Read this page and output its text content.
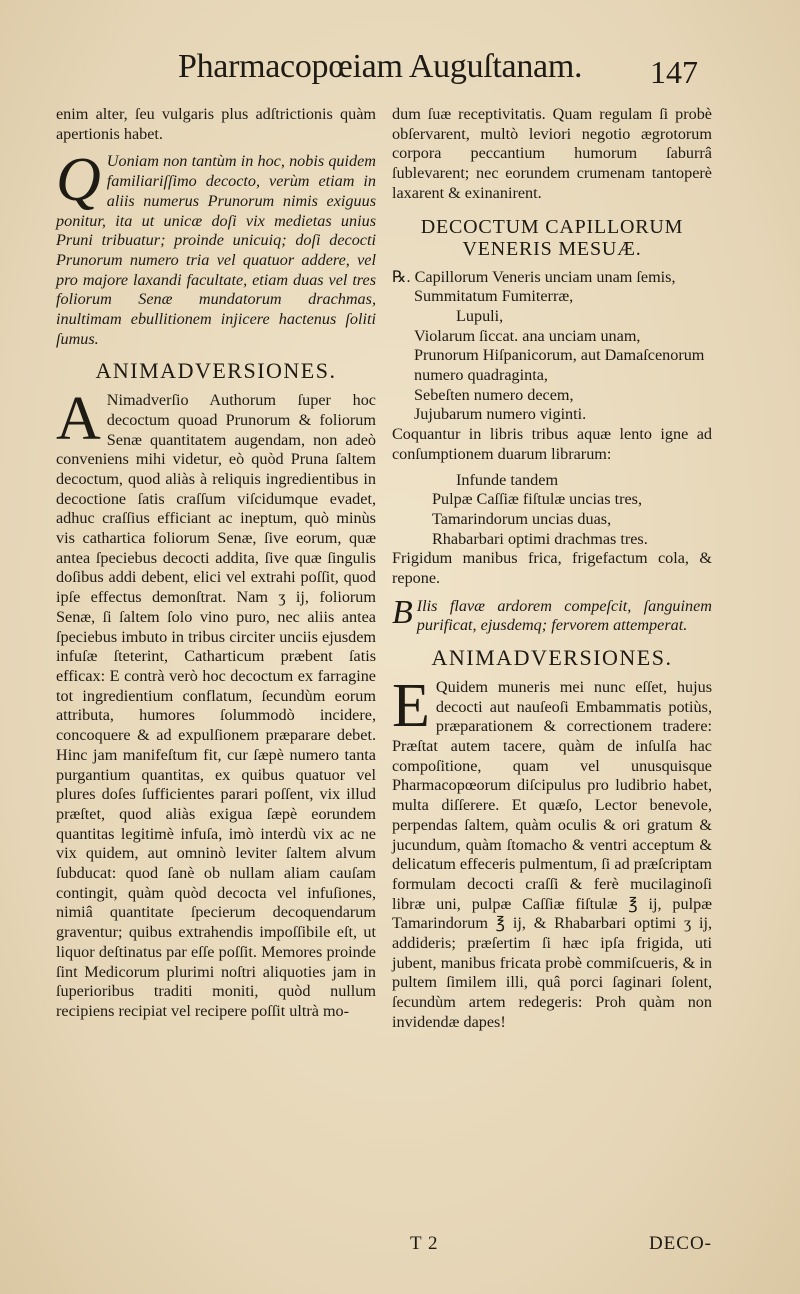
Pharmacopœiam Auguſtanam. 147

enim alter, ſeu vulgaris plus adſtrictionis quàm apertionis habet.

Q Uoniam non tantùm in hoc, nobis quidem familiariſſimo decocto, verùm etiam in aliis numerus Prunorum nimis exiguus ponitur, ita ut unicæ doſi vix medietas unius Pruni tribuatur; proinde unicuiq; doſi decocti Prunorum numero tria vel quatuor addere, vel pro majore laxandi facultate, etiam duas vel tres foliorum Senæ mundatorum drachmas, inultimam ebullitionem injicere hactenus ſoliti ſumus.

ANIMADVERSIONES.

A Nimadverſio Authorum ſuper hoc decoctum quoad Prunorum & foliorum Senæ quantitatem augendam, non adeò conveniens mihi videtur, eò quòd Pruna ſaltem decoctum, quod aliàs à reliquis ingredientibus in decoctione ſatis craſſum viſcidumque evadet, adhuc craſſius efficiant ac ineptum, quò minùs vis cathartica foliorum Senæ, ſive eorum, quæ antea ſpeciebus decocti addita, ſive quæ ſingulis doſibus addi debent, elici vel extrahi poſſit, quod ipſe effectus demonſtrat. Nam ʒ ij, foliorum Senæ, ſi ſaltem ſolo vino puro, nec aliis antea ſpeciebus imbuto in tribus circiter unciis ejusdem infuſæ ſteterint, Catharticum præbent ſatis efficax: E contrà verò hoc decoctum ex farragine tot ingredientium conflatum, ſecundùm eorum attributa, humores ſolummodò incidere, concoquere & ad expulſionem præparare debet. Hinc jam manifeſtum fit, cur ſæpè numero tanta purgantium quantitas, ex quibus quatuor vel plures doſes ſufficientes parari poſſent, vix illud præſtet, quod aliàs exigua ſæpè eorundem quantitas legitimè infuſa, imò interdù vix ac ne vix quidem, aut omninò leviter ſaltem alvum ſubducat: quod ſanè ob nullam aliam cauſam contingit, quàm quòd decocta vel infuſiones, nimiâ quantitate ſpecierum decoquendarum graventur; quibus extrahendis impoſſibile eſt, ut liquor deſtinatus par eſſe poſſit. Memores proinde ſint Medicorum plurimi noſtri aliquoties jam in ſuperioribus traditi moniti, quòd nullum recipiens recipiat vel recipere poſſit ultrà mo-

dum ſuæ receptivitatis. Quam regulam ſi probè obſervarent, multò leviori negotio ægrotorum corpora peccantium humorum ſaburrâ ſublevarent; nec eorundem crumenam tantoperè laxarent & exinanirent.

DECOCTUM CAPILLORUM
VENERIS MESUÆ.
℞. Capillorum Veneris unciam unam ſemis,
Summitatum Fumiterræ,
Lupuli,
Violarum ſiccat. ana unciam unam,
Prunorum Hiſpanicorum, aut Damaſcenorum numero quadraginta,
Sebeſten numero decem,
Jujubarum numero viginti.

Coquantur in libris tribus aquæ lento igne ad conſumptionem duarum librarum:

Infunde tandem
Pulpæ Caſſiæ fiſtulæ uncias tres,
Tamarindorum uncias duas,
Rhabarbari optimi drachmas tres.

Frigidum manibus frica, frigefactum cola, & repone.

B Ilis flavæ ardorem compeſcit, ſanguinem purificat, ejusdemq; fervorem attemperat.

ANIMADVERSIONES.

E Quidem muneris mei nunc eſſet, hujus decocti aut nauſeoſi Embammatis potiùs, præparationem & correctionem tradere: Præſtat autem tacere, quàm de inſulſa hac compoſitione, quam vel unusquisque Pharmacopœorum diſcipulus pro ludibrio habet, multa diſſerere. Et quæſo, Lector benevole, perpendas ſaltem, quàm oculis & ori gratum & jucundum, quàm ſtomacho & ventri acceptum & delicatum effeceris pulmentum, ſi ad præſcriptam formulam decocti craſſi & ferè mucilaginoſi libræ uni, pulpæ Caſſiæ fiſtulæ ℥ ij, pulpæ Tamarindorum ℥ ij, & Rhabarbari optimi ʒ ij, addideris; præſertim ſi hæc ipſa frigida, uti jubent, manibus fricata probè commiſcueris, & in pultem ſimilem illi, quâ porci ſaginari ſolent, ſecundùm artem redegeris: Proh quàm non invidendæ dapes!

T 2	DECO-
